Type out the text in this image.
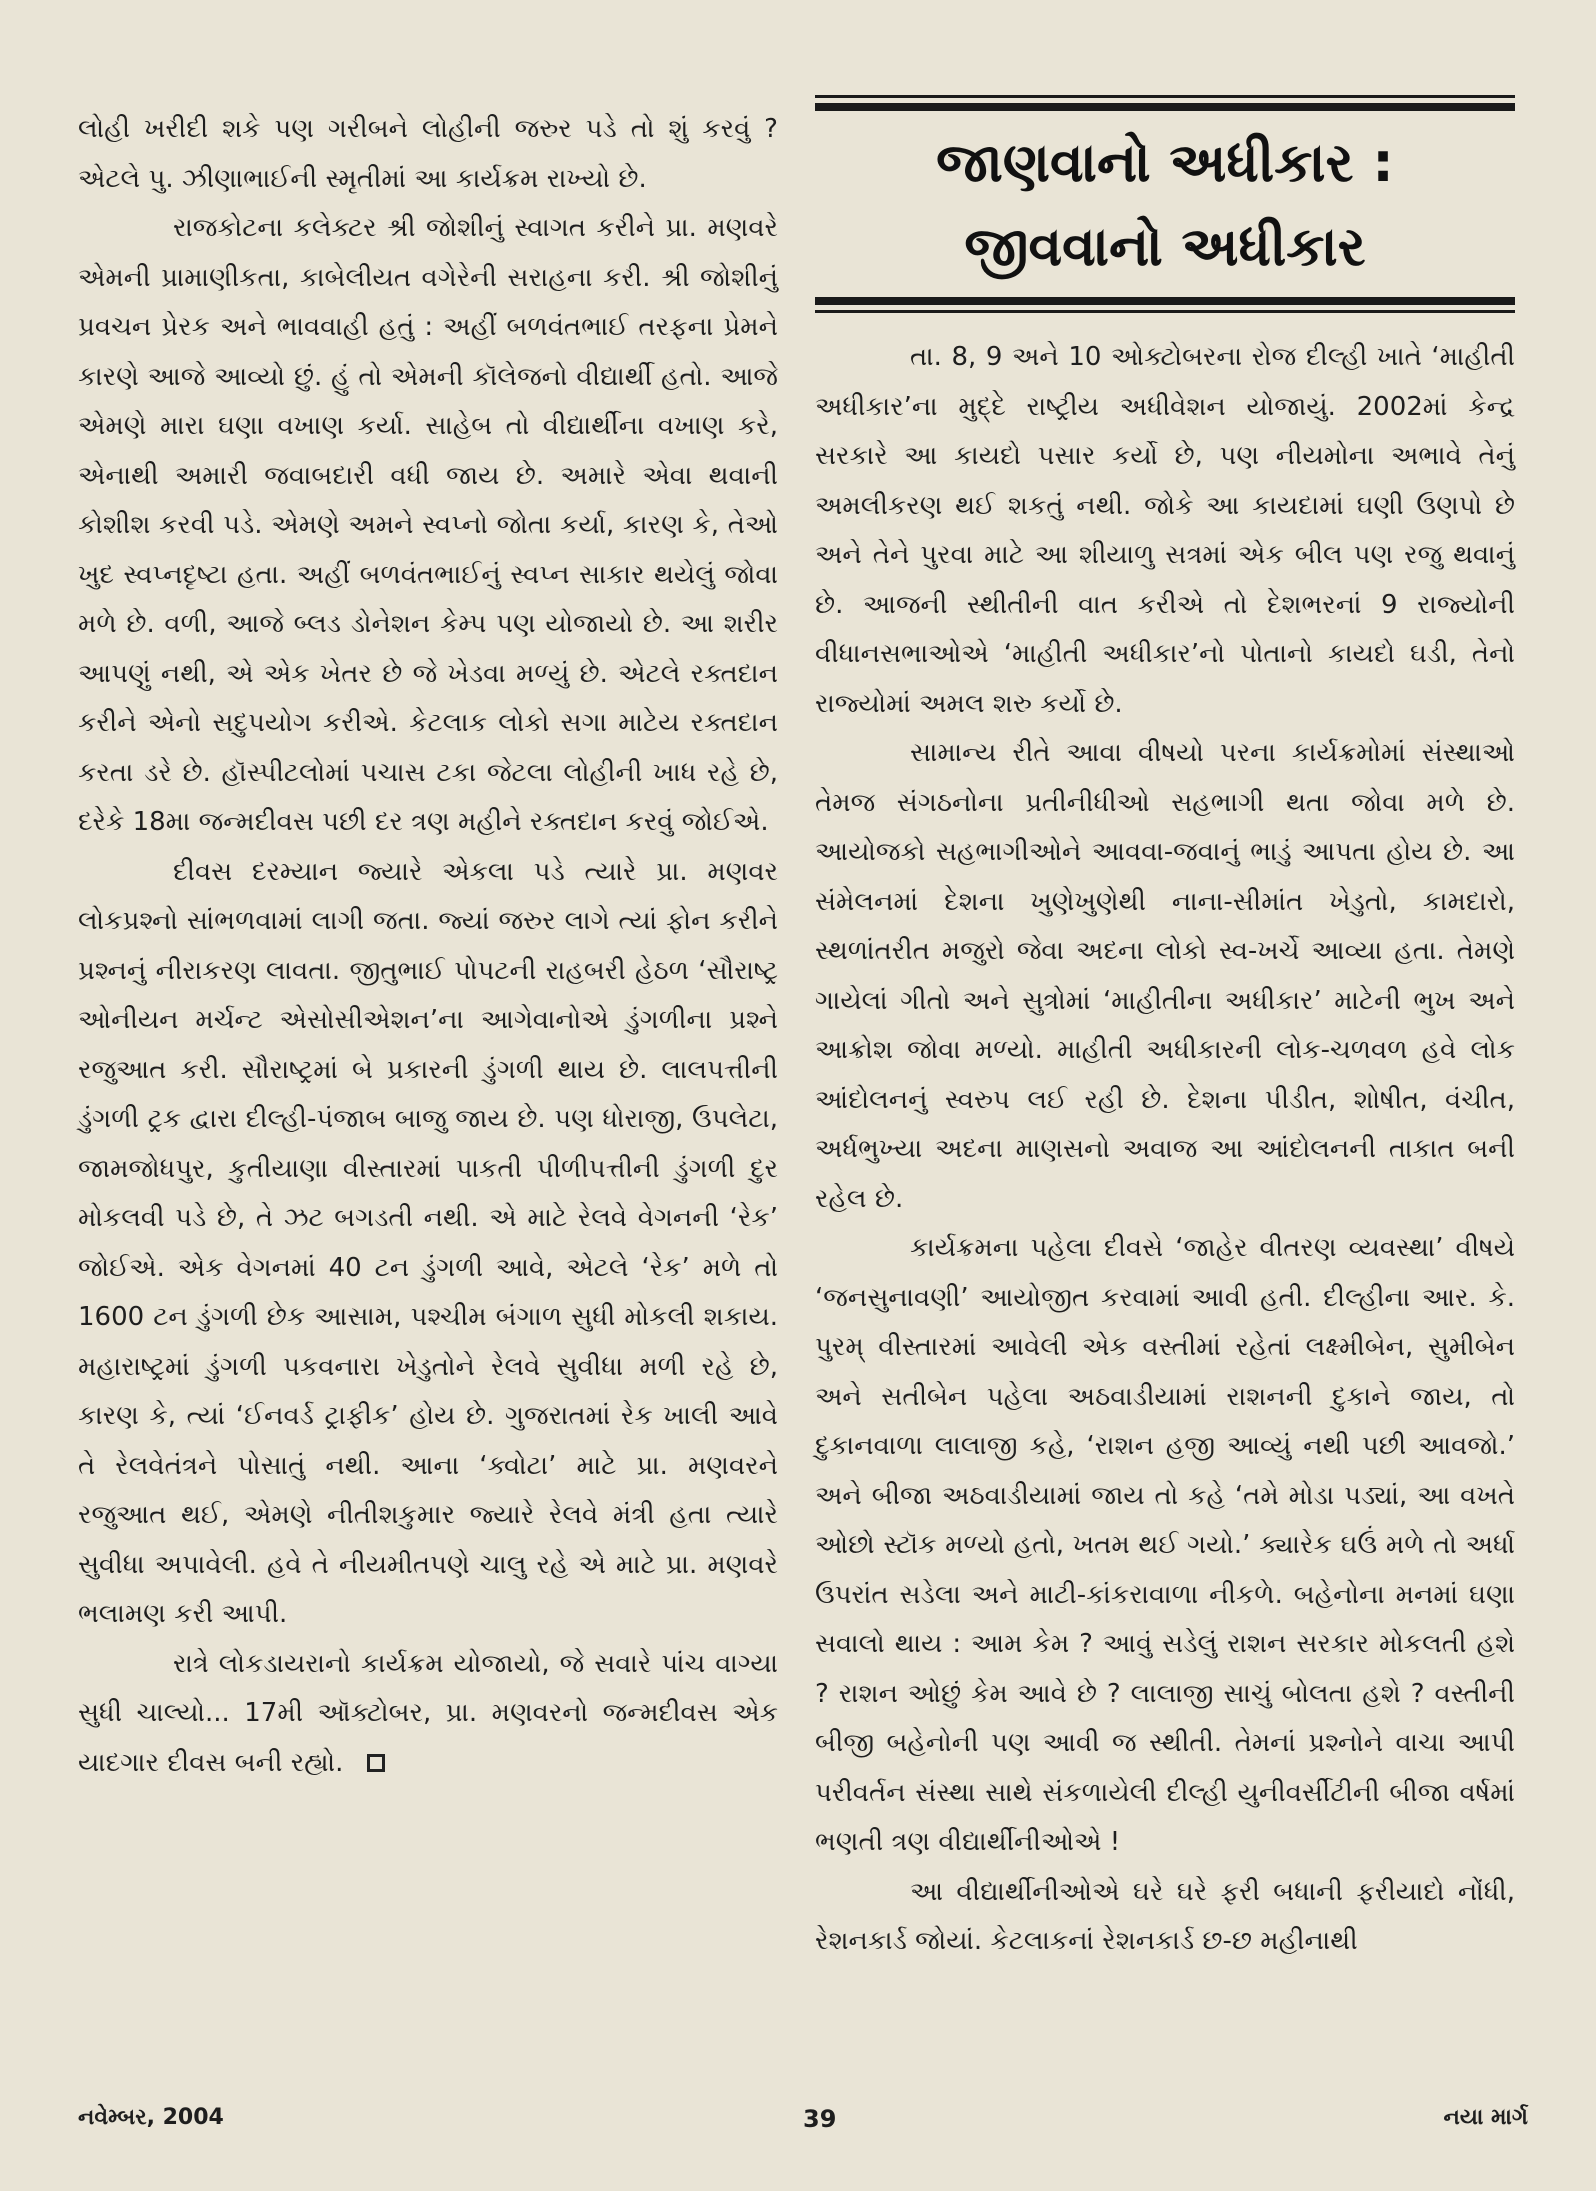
લોહી ખરીદી શકે પણ ગરીબને લોહીની જરુર પડે તો શું કરવું ? એટલે પુ. ઝીણાભાઈની સ્મૃતીમાં આ કાર્યક્રમ રાખ્યો છે.

રાજકોટના કલેક્ટર શ્રી જોશીનું સ્વાગત કરીને પ્રા. મણવરે એમની પ્રામાણીકતા, કાબેલીયત વગેરેની સરાહના કરી. શ્રી જોશીનું પ્રવચન પ્રેરક અને ભાવવાહી હતું : અહીં બળવંતભાઈ તરફના પ્રેમને કારણે આજે આવ્યો છું. હું તો એમની કૉલેજનો વીદ્યાર્થી હતો. આજે એમણે મારા ઘણા વખાણ કર્યા. સાહેબ તો વીદ્યાર્થીના વખાણ કરે, એનાથી અમારી જવાબદારી વધી જાય છે. અમારે એવા થવાની કોશીશ કરવી પડે. એમણે અમને સ્વપ્નો જોતા કર્યા, કારણ કે, તેઓ ખુદ સ્વપ્નદૃષ્ટા હતા. અહીં બળવંતભાઈનું સ્વપ્ન સાકાર થયેલું જોવા મળે છે. વળી, આજે બ્લડ ડોનેશન કેમ્પ પણ યોજાયો છે. આ શરીર આપણું નથી, એ એક ખેતર છે જે ખેડવા મળ્યું છે. એટલે રક્તદાન કરીને એનો સદુપયોગ કરીએ. કેટલાક લોકો સગા માટેય રક્તદાન કરતા ડરે છે. હૉસ્પીટલોમાં પચાસ ટકા જેટલા લોહીની ખાધ રહે છે, દરેકે 18મા જન્મદીવસ પછી દર ત્રણ મહીને રક્તદાન કરવું જોઈએ.

દીવસ દરમ્યાન જ્યારે એકલા પડે ત્યારે પ્રા. મણવર લોકપ્રશ્નો સાંભળવામાં લાગી જતા. જ્યાં જરુર લાગે ત્યાં ફોન કરીને પ્રશ્નનું નીરાકરણ લાવતા. જીતુભાઈ પોપટની રાહબરી હેઠળ ‘સૌરાષ્ટ્ર ઓનીયન મર્ચન્ટ એસોસીએશન’ના આગેવાનોએ ડુંગળીના પ્રશ્ને રજુઆત કરી. સૌરાષ્ટ્રમાં બે પ્રકારની ડુંગળી થાય છે. લાલપત્તીની ડુંગળી ટ્રક દ્વારા દીલ્હી-પંજાબ બાજુ જાય છે. પણ ધોરાજી, ઉપલેટા, જામજોધપુર, કુતીયાણા વીસ્તારમાં પાકતી પીળીપત્તીની ડુંગળી દુર મોકલવી પડે છે, તે ઝટ બગડતી નથી. એ માટે રેલવે વેગનની ‘રેક’ જોઈએ. એક વેગનમાં 40 ટન ડુંગળી આવે, એટલે ‘રેક’ મળે તો 1600 ટન ડુંગળી છેક આસામ, પશ્ચીમ બંગાળ સુધી મોકલી શકાય. મહારાષ્ટ્રમાં ડુંગળી પકવનારા ખેડુતોને રેલવે સુવીધા મળી રહે છે, કારણ કે, ત્યાં ‘ઈનવર્ડ ટ્રાફીક’ હોય છે. ગુજરાતમાં રેક ખાલી આવે તે રેલવેતંત્રને પોસાતું નથી. આના ‘ક્વોટા’ માટે પ્રા. મણવરને રજુઆત થઈ, એમણે નીતીશકુમાર જ્યારે રેલવે મંત્રી હતા ત્યારે સુવીધા અપાવેલી. હવે તે નીયમીતપણે ચાલુ રહે એ માટે પ્રા. મણવરે ભલામણ કરી આપી.

રાત્રે લોકડાયરાનો કાર્યક્રમ યોજાયો, જે સવારે પાંચ વાગ્યા સુધી ચાલ્યો... 17મી ઑક્ટોબર, પ્રા. મણવરનો જન્મદીવસ એક યાદગાર દીવસ બની રહ્યો.

જાણવાનો અધીકાર :
જીવવાનો અધીકાર

તા. 8, 9 અને 10 ઓક્ટોબરના રોજ દીલ્હી ખાતે ‘માહીતી અધીકાર’ના મુદ્દે રાષ્ટ્રીય અધીવેશન યોજાયું. 2002માં કેન્દ્ર સરકારે આ કાયદો પસાર કર્યો છે, પણ નીયમોના અભાવે તેનું અમલીકરણ થઈ શકતું નથી. જોકે આ કાયદામાં ઘણી ઉણપો છે અને તેને પુરવા માટે આ શીયાળુ સત્રમાં એક બીલ પણ રજુ થવાનું છે. આજની સ્થીતીની વાત કરીએ તો દેશભરનાં 9 રાજ્યોની વીધાનસભાઓએ ‘માહીતી અધીકાર’નો પોતાનો કાયદો ઘડી, તેનો રાજ્યોમાં અમલ શરુ કર્યો છે.

સામાન્ય રીતે આવા વીષયો પરના કાર્યક્રમોમાં સંસ્થાઓ તેમજ સંગઠનોના પ્રતીનીધીઓ સહભાગી થતા જોવા મળે છે. આયોજકો સહભાગીઓને આવવા-જવાનું ભાડું આપતા હોય છે. આ સંમેલનમાં દેશના ખુણેખુણેથી નાના-સીમાંત ખેડુતો, કામદારો, સ્થળાંતરીત મજુરો જેવા અદના લોકો સ્વ-ખર્ચે આવ્યા હતા. તેમણે ગાયેલાં ગીતો અને સુત્રોમાં ‘માહીતીના અધીકાર’ માટેની ભુખ અને આક્રોશ જોવા મળ્યો. માહીતી અધીકારની લોક-ચળવળ હવે લોક આંદોલનનું સ્વરુપ લઈ રહી છે. દેશના પીડીત, શોષીત, વંચીત, અર્ધભુખ્યા અદના માણસનો અવાજ આ આંદોલનની તાકાત બની રહેલ છે.

કાર્યક્રમના પહેલા દીવસે ‘જાહેર વીતરણ વ્યવસ્થા’ વીષયે ‘જનસુનાવણી’ આયોજીત કરવામાં આવી હતી. દીલ્હીના આર. કે. પુરમ્ વીસ્તારમાં આવેલી એક વસ્તીમાં રહેતાં લક્ષ્મીબેન, સુમીબેન અને સતીબેન પહેલા અઠવાડીયામાં રાશનની દુકાને જાય, તો દુકાનવાળા લાલાજી કહે, ‘રાશન હજી આવ્યું નથી પછી આવજો.’ અને બીજા અઠવાડીયામાં જાય તો કહે ‘તમે મોડા પડ્યાં, આ વખતે ઓછો સ્ટૉક મળ્યો હતો, ખતમ થઈ ગયો.’ ક્યારેક ઘઉં મળે તો અર્ધા ઉપરાંત સડેલા અને માટી-કાંકરાવાળા નીકળે. બહેનોના મનમાં ઘણા સવાલો થાય : આમ કેમ ? આવું સડેલું રાશન સરકાર મોકલતી હશે ? રાશન ઓછું કેમ આવે છે ? લાલાજી સાચું બોલતા હશે ? વસ્તીની બીજી બહેનોની પણ આવી જ સ્થીતી. તેમનાં પ્રશ્નોને વાચા આપી પરીવર્તન સંસ્થા સાથે સંકળાયેલી દીલ્હી યુનીવર્સીટીની બીજા વર્ષમાં ભણતી ત્રણ વીદ્યાર્થીનીઓએ !

આ વીદ્યાર્થીનીઓએ ઘરે ઘરે ફરી બધાની ફરીયાદો નોંધી, રેશનકાર્ડ જોયાં. કેટલાકનાં રેશનકાર્ડ છ-છ મહીનાથી

નવેમ્બર, 2004	39	નયા માર્ગ
